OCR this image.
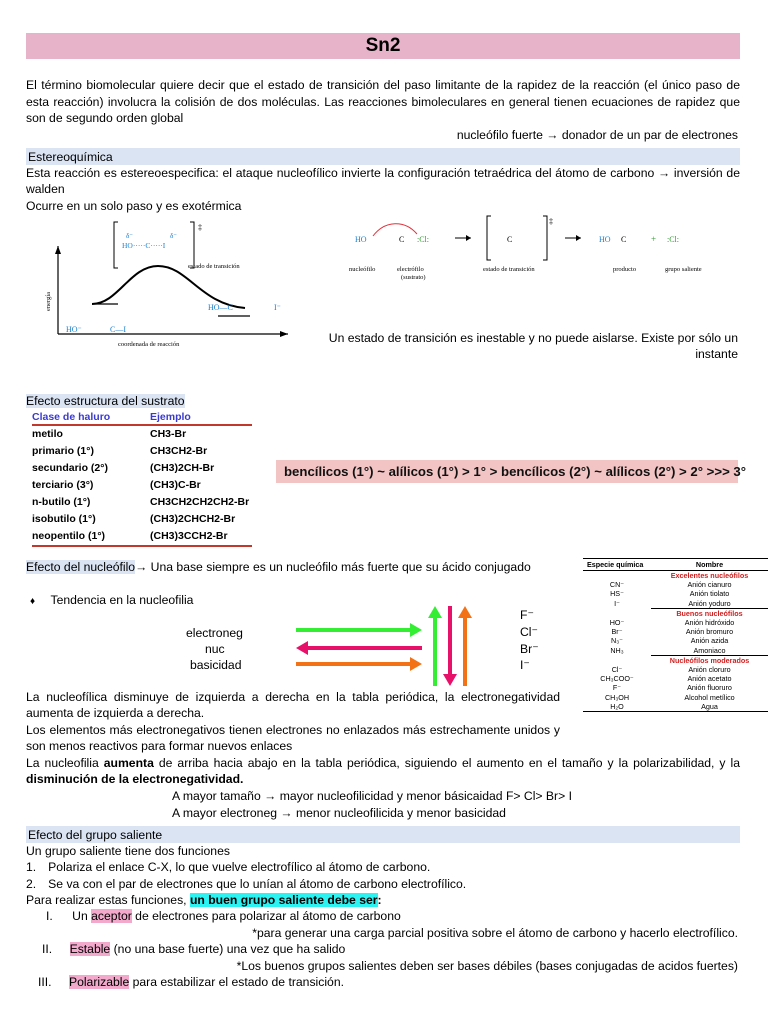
Sn2
El término biomolecular quiere decir que el estado de transición del paso limitante de la rapidez de la reacción (el único paso de esta reacción) involucra la colisión de dos moléculas. Las reacciones bimoleculares en general tienen ecuaciones de rapidez que son de segundo orden global
nucleófilo fuerte → donador de un par de electrones
Estereoquímica
Esta reacción es estereoespecifica: el ataque nucleofílico invierte la configuración tetraédrica del átomo de carbono → inversión de walden
Ocurre en un solo paso y es exotérmica
energía
coordenada de reacción
δ⁻	δ⁻
HO·····C·····I
‡
estado de transición
HO⁻	C—I
HO—C	I⁻
HO	:Cl:
C	C
‡
HO C	+ :Cl:
nucleófilo	electrófilo
(sustrato)
estado de transición	producto	grupo saliente
Un estado de transición es inestable y no puede aislarse. Existe por sólo un instante
Efecto estructura del sustrato
Clase de haluro	Ejemplo
metilo	CH3-Br
primario (1°)	CH3CH2-Br
secundario (2°)	(CH3)2CH-Br
terciario (3°)	(CH3)C-Br
n-butilo (1°)	CH3CH2CH2CH2-Br
isobutilo (1°)	(CH3)2CHCH2-Br
neopentilo (1°)	(CH3)3CCH2-Br
bencílicos (1°) ~ alílicos (1°) > 1° > bencílicos (2°) ~ alílicos (2°) > 2° >>> 3°
Efecto del nucleófilo→ Una base siempre es un nucleófilo más fuerte que su ácido conjugado
♦ Tendencia en la nucleofilia
electroneg
nuc
basicidad
F⁻
Cl⁻
Br⁻
I⁻
Especie química	Nombre
	Excelentes nucleófilos
CN⁻	Anión cianuro
HS⁻	Anión tiolato
I⁻	Anión yoduro
	Buenos nucleófilos
HO⁻	Anión hidróxido
Br⁻	Anión bromuro
N₃⁻	Anión azida
NH₃	Amoniaco
	Nucleófilos moderados
Cl⁻	Anión cloruro
CH₃COO⁻	Anión acetato
F⁻	Anión fluoruro
CH₃OH	Alcohol metílico
H₂O	Agua
La nucleofílica disminuye de izquierda a derecha en la tabla periódica, la electronegatividad aumenta de izquierda a derecha.
Los elementos más electronegativos tienen electrones no enlazados más estrechamente unidos y son menos reactivos para formar nuevos enlaces
La nucleofilia aumenta de arriba hacia abajo en la tabla periódica, siguiendo el aumento en el tamaño y la polarizabilidad, y la disminución de la electronegatividad.
A mayor tamaño → mayor nucleofilicidad y menor básicaidad F> Cl> Br> I
A mayor electroneg → menor nucleofilicida y menor basicidad
Efecto del grupo saliente
Un grupo saliente tiene dos funciones
1. Polariza el enlace C-X, lo que vuelve electrofílico al átomo de carbono.
2. Se va con el par de electrones que lo unían al átomo de carbono electrofílico.
Para realizar estas funciones, un buen grupo saliente debe ser:
I. Un aceptor de electrones para polarizar al átomo de carbono
*para generar una carga parcial positiva sobre el átomo de carbono y hacerlo electrofílico.
II. Estable (no una base fuerte) una vez que ha salido
*Los buenos grupos salientes deben ser bases débiles (bases conjugadas de acidos fuertes)
III. Polarizable para estabilizar el estado de transición.
